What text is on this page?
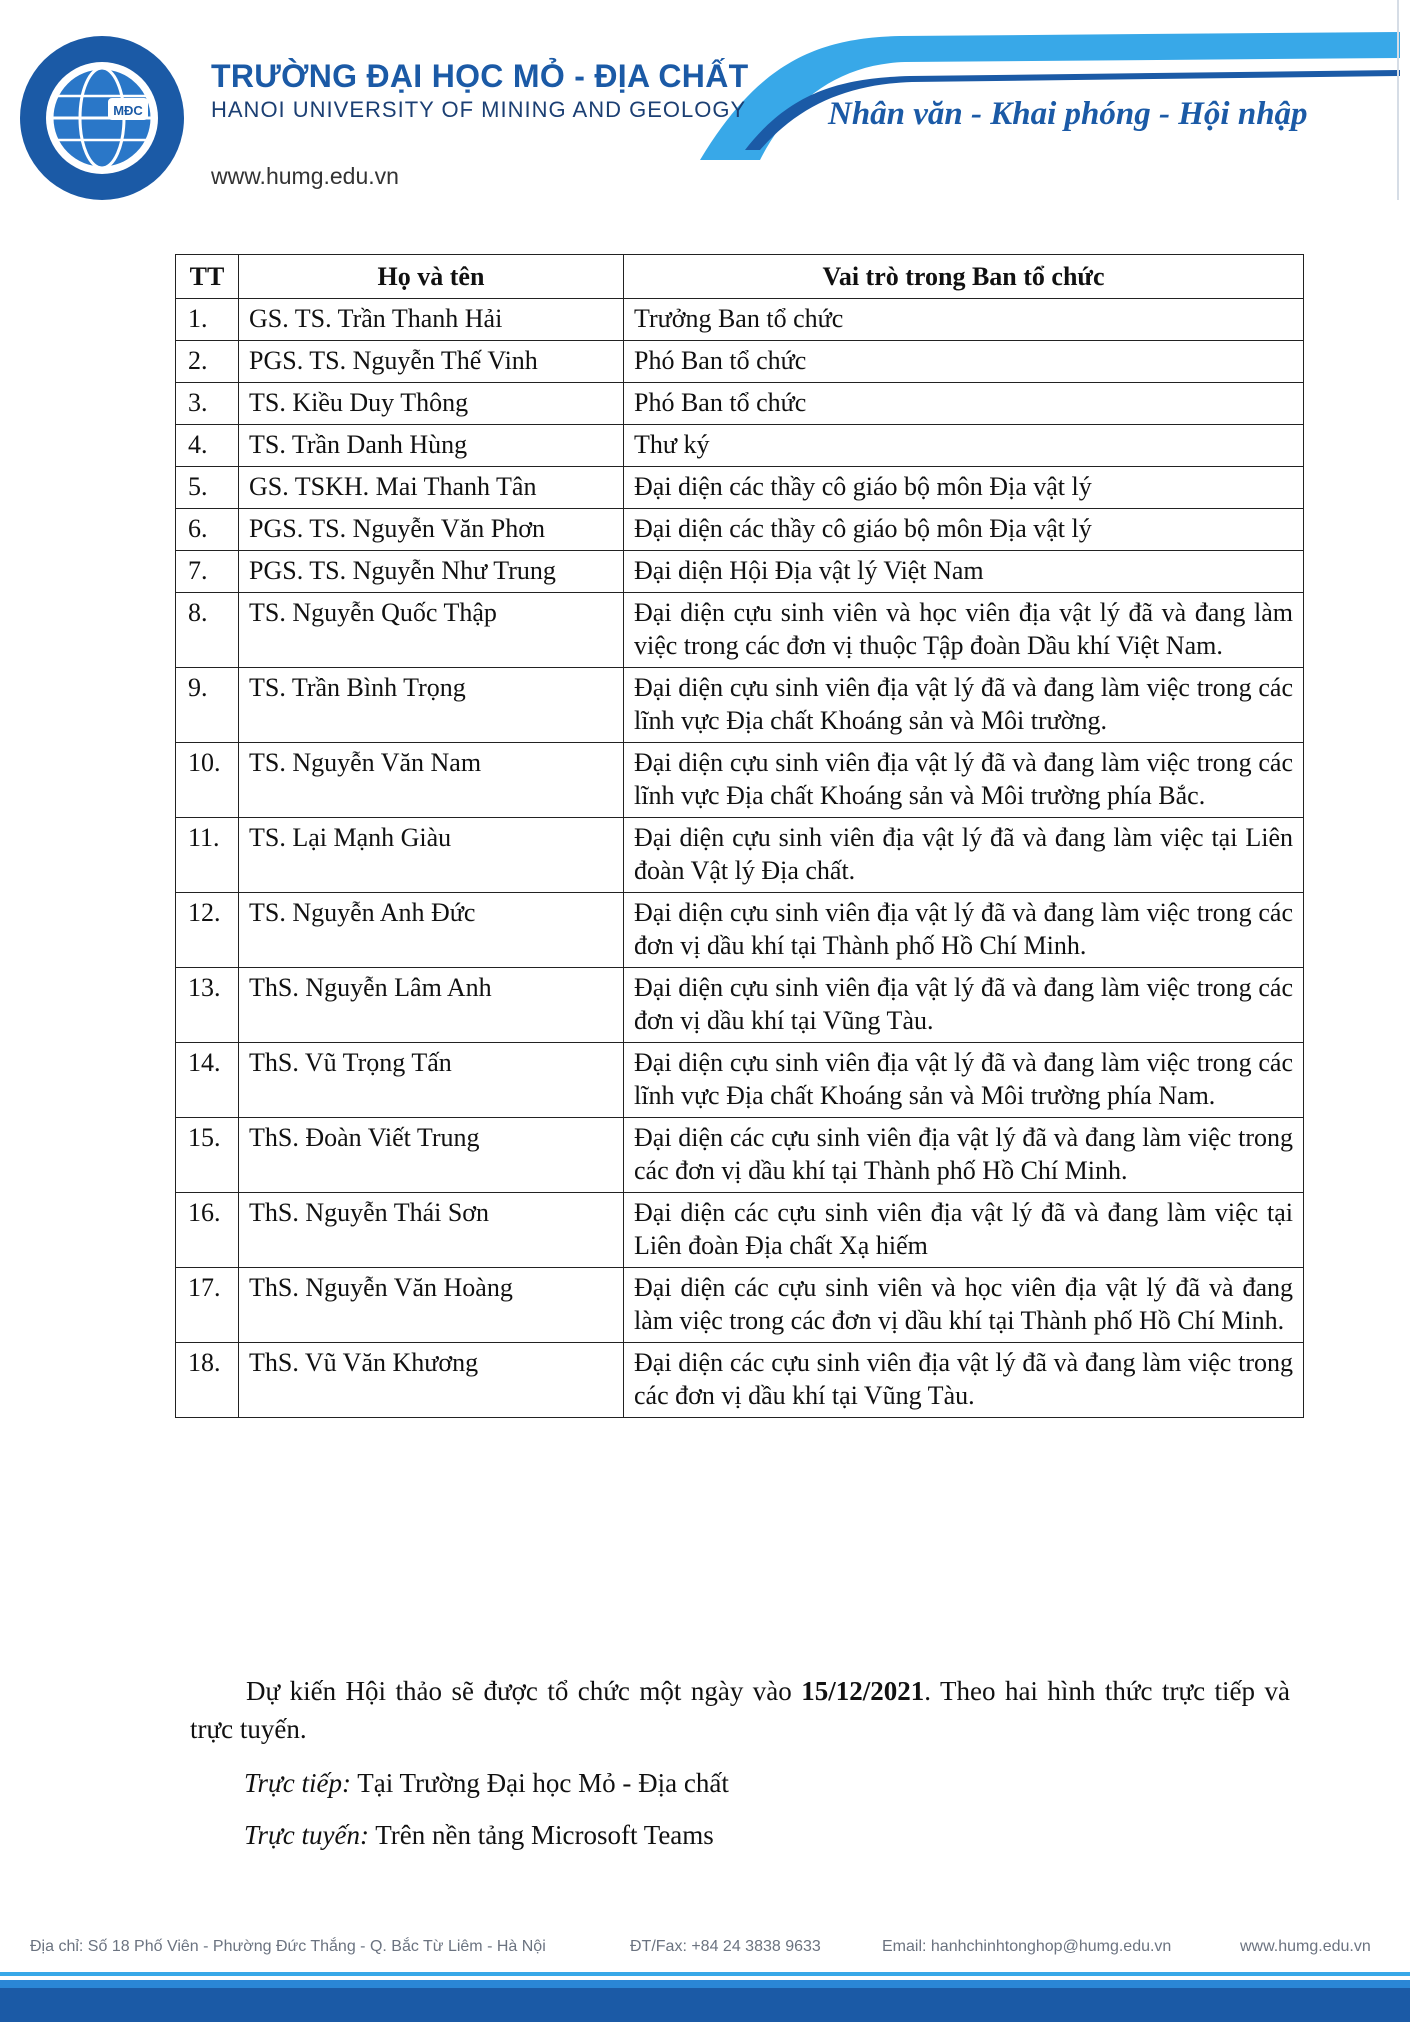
MĐC
TRƯỜNG ĐẠI HỌC MỎ - ĐỊA CHẤT
HANOI UNIVERSITY OF MINING AND GEOLOGY
www.humg.edu.vn
Nhân văn - Khai phóng - Hội nhập
TT	Họ và tên	Vai trò trong Ban tổ chức
1.	GS. TS. Trần Thanh Hải	Trưởng Ban tổ chức
2.	PGS. TS. Nguyễn Thế Vinh	Phó Ban tổ chức
3.	TS. Kiều Duy Thông	Phó Ban tổ chức
4.	TS. Trần Danh Hùng	Thư ký
5.	GS. TSKH. Mai Thanh Tân	Đại diện các thầy cô giáo bộ môn Địa vật lý
6.	PGS. TS. Nguyễn Văn Phơn	Đại diện các thầy cô giáo bộ môn Địa vật lý
7.	PGS. TS. Nguyễn Như Trung	Đại diện Hội Địa vật lý Việt Nam
8.	TS. Nguyễn Quốc Thập	Đại diện cựu sinh viên và học viên địa vật lý đã và đang làm việc trong các đơn vị thuộc Tập đoàn Dầu khí Việt Nam.
9.	TS. Trần Bình Trọng	Đại diện cựu sinh viên địa vật lý đã và đang làm việc trong các lĩnh vực Địa chất Khoáng sản và Môi trường.
10.	TS. Nguyễn Văn Nam	Đại diện cựu sinh viên địa vật lý đã và đang làm việc trong các lĩnh vực Địa chất Khoáng sản và Môi trường phía Bắc.
11.	TS. Lại Mạnh Giàu	Đại diện cựu sinh viên địa vật lý đã và đang làm việc tại Liên đoàn Vật lý Địa chất.
12.	TS. Nguyễn Anh Đức	Đại diện cựu sinh viên địa vật lý đã và đang làm việc trong các đơn vị dầu khí tại Thành phố Hồ Chí Minh.
13.	ThS. Nguyễn Lâm Anh	Đại diện cựu sinh viên địa vật lý đã và đang làm việc trong các đơn vị dầu khí tại Vũng Tàu.
14.	ThS. Vũ Trọng Tấn	Đại diện cựu sinh viên địa vật lý đã và đang làm việc trong các lĩnh vực Địa chất Khoáng sản và Môi trường phía Nam.
15.	ThS. Đoàn Viết Trung	Đại diện các cựu sinh viên địa vật lý đã và đang làm việc trong các đơn vị dầu khí tại Thành phố Hồ Chí Minh.
16.	ThS. Nguyễn Thái Sơn	Đại diện các cựu sinh viên địa vật lý đã và đang làm việc tại Liên đoàn Địa chất Xạ hiếm
17.	ThS. Nguyễn Văn Hoàng	Đại diện các cựu sinh viên và học viên địa vật lý đã và đang làm việc trong các đơn vị dầu khí tại Thành phố Hồ Chí Minh.
18.	ThS. Vũ Văn Khương	Đại diện các cựu sinh viên địa vật lý đã và đang làm việc trong các đơn vị dầu khí tại Vũng Tàu.
Dự kiến Hội thảo sẽ được tổ chức một ngày vào 15/12/2021. Theo hai hình thức trực tiếp và trực tuyến.
Trực tiếp: Tại Trường Đại học Mỏ - Địa chất
Trực tuyến: Trên nền tảng Microsoft Teams
Địa chỉ: Số 18 Phố Viên - Phường Đức Thắng - Q. Bắc Từ Liêm - Hà Nội	ĐT/Fax: +84 24 3838 9633	Email: hanhchinhtonghop@humg.edu.vn	www.humg.edu.vn
